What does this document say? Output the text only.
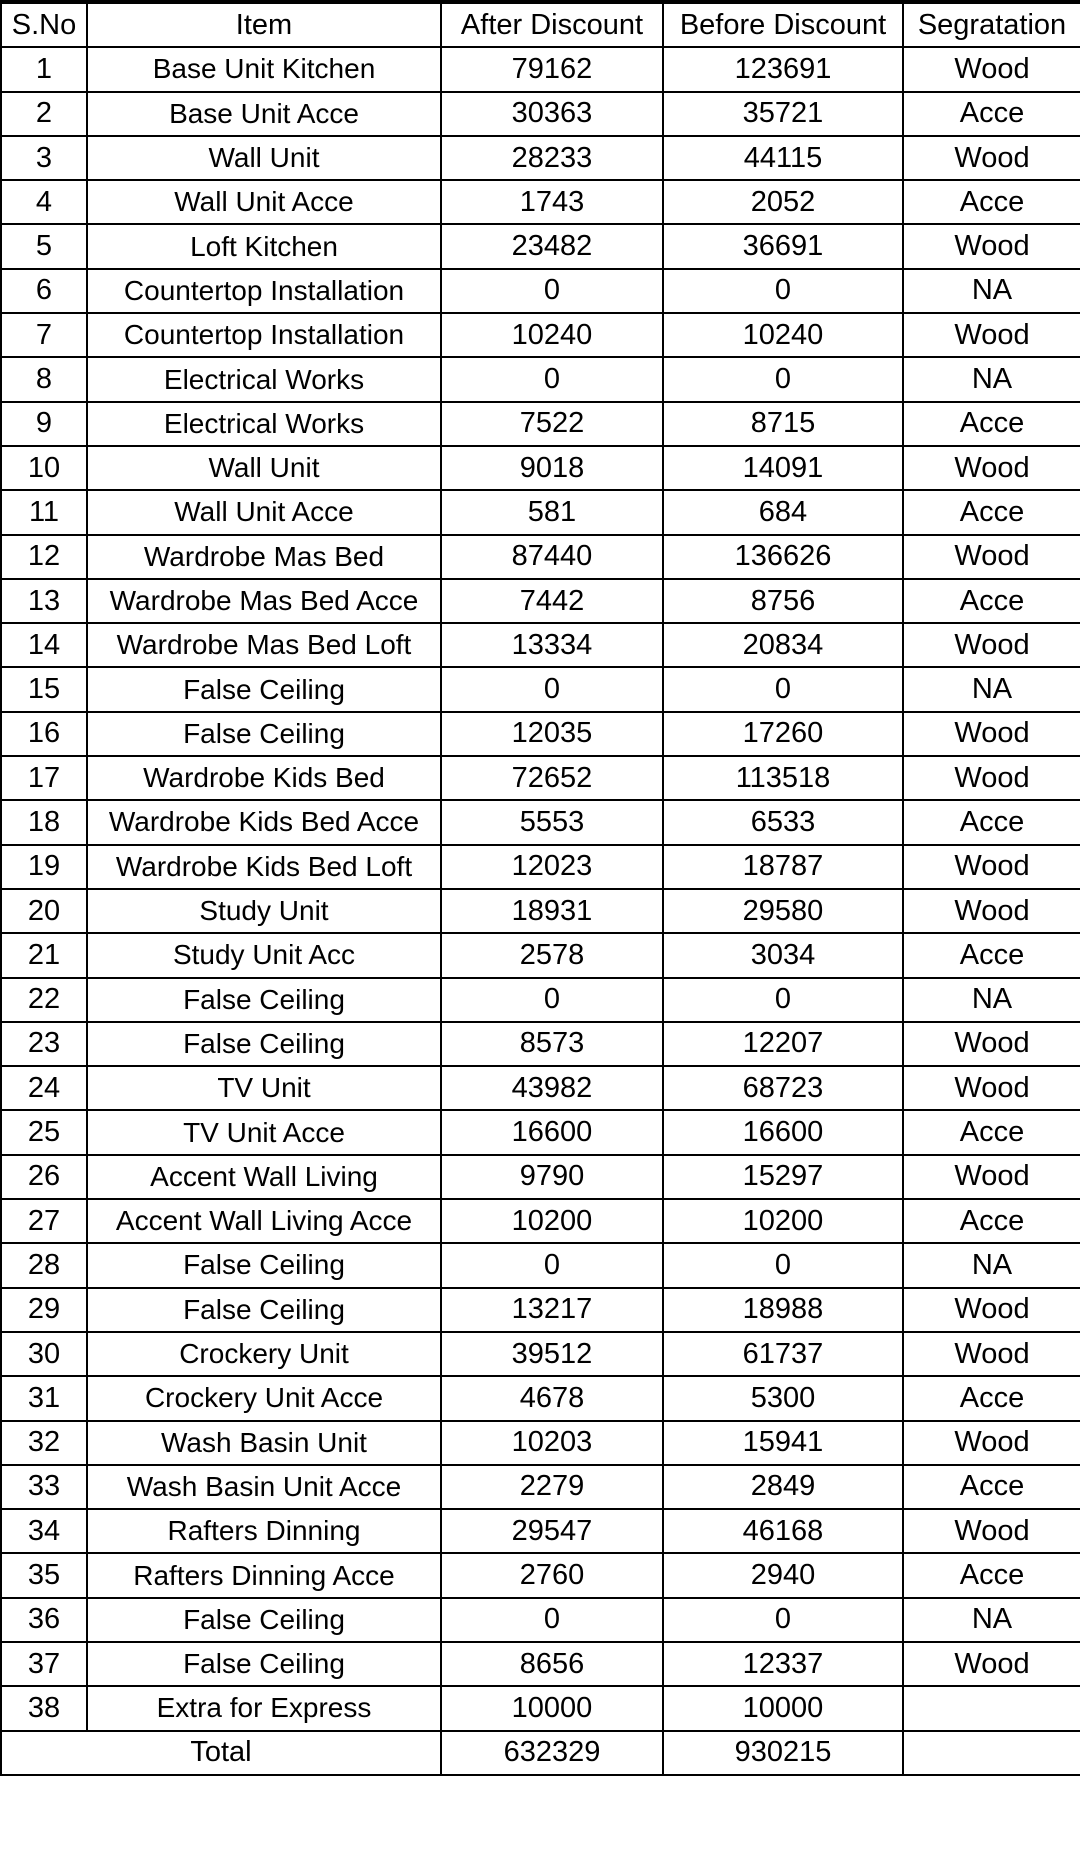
S.No	Item	After Discount	Before Discount	Segratation
1	Base Unit Kitchen	79162	123691	Wood
2	Base Unit Acce	30363	35721	Acce
3	Wall Unit	28233	44115	Wood
4	Wall Unit Acce	1743	2052	Acce
5	Loft Kitchen	23482	36691	Wood
6	Countertop Installation	0	0	NA
7	Countertop Installation	10240	10240	Wood
8	Electrical Works	0	0	NA
9	Electrical Works	7522	8715	Acce
10	Wall Unit	9018	14091	Wood
11	Wall Unit Acce	581	684	Acce
12	Wardrobe Mas Bed	87440	136626	Wood
13	Wardrobe Mas Bed Acce	7442	8756	Acce
14	Wardrobe Mas Bed Loft	13334	20834	Wood
15	False Ceiling	0	0	NA
16	False Ceiling	12035	17260	Wood
17	Wardrobe Kids Bed	72652	113518	Wood
18	Wardrobe Kids Bed Acce	5553	6533	Acce
19	Wardrobe Kids Bed Loft	12023	18787	Wood
20	Study Unit	18931	29580	Wood
21	Study Unit Acc	2578	3034	Acce
22	False Ceiling	0	0	NA
23	False Ceiling	8573	12207	Wood
24	TV Unit	43982	68723	Wood
25	TV Unit Acce	16600	16600	Acce
26	Accent Wall Living	9790	15297	Wood
27	Accent Wall Living Acce	10200	10200	Acce
28	False Ceiling	0	0	NA
29	False Ceiling	13217	18988	Wood
30	Crockery Unit	39512	61737	Wood
31	Crockery Unit Acce	4678	5300	Acce
32	Wash Basin Unit	10203	15941	Wood
33	Wash Basin Unit Acce	2279	2849	Acce
34	Rafters Dinning	29547	46168	Wood
35	Rafters Dinning Acce	2760	2940	Acce
36	False Ceiling	0	0	NA
37	False Ceiling	8656	12337	Wood
38	Extra for Express	10000	10000	
Total		632329	930215	
